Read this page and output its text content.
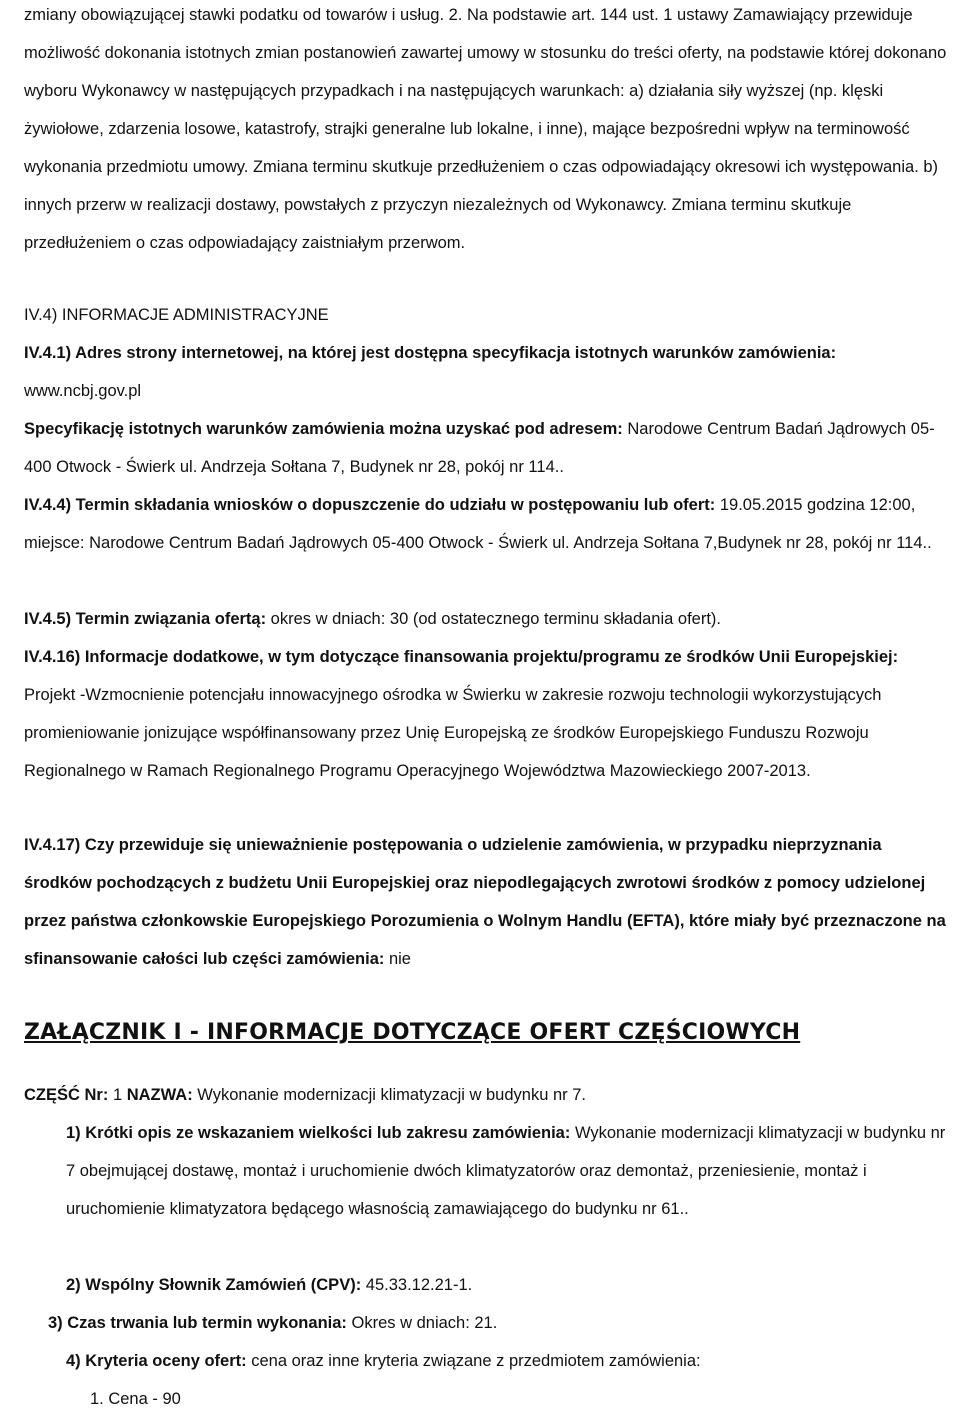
zmiany obowiązującej stawki podatku od towarów i usług. 2. Na podstawie art. 144 ust. 1 ustawy Zamawiający przewiduje możliwość dokonania istotnych zmian postanowień zawartej umowy w stosunku do treści oferty, na podstawie której dokonano wyboru Wykonawcy w następujących przypadkach i na następujących warunkach: a) działania siły wyższej (np. klęski żywiołowe, zdarzenia losowe, katastrofy, strajki generalne lub lokalne, i inne), mające bezpośredni wpływ na terminowość wykonania przedmiotu umowy. Zmiana terminu skutkuje przedłużeniem o czas odpowiadający okresowi ich występowania. b) innych przerw w realizacji dostawy, powstałych z przyczyn niezależnych od Wykonawcy. Zmiana terminu skutkuje przedłużeniem o czas odpowiadający zaistniałym przerwom.

IV.4) INFORMACJE ADMINISTRACYJNE

IV.4.1) Adres strony internetowej, na której jest dostępna specyfikacja istotnych warunków zamówienia: www.ncbj.gov.pl

Specyfikację istotnych warunków zamówienia można uzyskać pod adresem: Narodowe Centrum Badań Jądrowych 05-400 Otwock - Świerk ul. Andrzeja Sołtana 7, Budynek nr 28, pokój nr 114..

IV.4.4) Termin składania wniosków o dopuszczenie do udziału w postępowaniu lub ofert: 19.05.2015 godzina 12:00, miejsce: Narodowe Centrum Badań Jądrowych 05-400 Otwock - Świerk ul. Andrzeja Sołtana 7,Budynek nr 28, pokój nr 114..

IV.4.5) Termin związania ofertą: okres w dniach: 30 (od ostatecznego terminu składania ofert).

IV.4.16) Informacje dodatkowe, w tym dotyczące finansowania projektu/programu ze środków Unii Europejskiej: Projekt -Wzmocnienie potencjału innowacyjnego ośrodka w Świerku w zakresie rozwoju technologii wykorzystujących promieniowanie jonizujące współfinansowany przez Unię Europejską ze środków Europejskiego Funduszu Rozwoju Regionalnego w Ramach Regionalnego Programu Operacyjnego Województwa Mazowieckiego 2007-2013.

IV.4.17) Czy przewiduje się unieważnienie postępowania o udzielenie zamówienia, w przypadku nieprzyznania środków pochodzących z budżetu Unii Europejskiej oraz niepodlegających zwrotowi środków z pomocy udzielonej przez państwa członkowskie Europejskiego Porozumienia o Wolnym Handlu (EFTA), które miały być przeznaczone na sfinansowanie całości lub części zamówienia: nie

ZAŁĄCZNIK I - INFORMACJE DOTYCZĄCE OFERT CZĘŚCIOWYCH

CZĘŚĆ Nr: 1 NAZWA: Wykonanie modernizacji klimatyzacji w budynku nr 7.

1) Krótki opis ze wskazaniem wielkości lub zakresu zamówienia: Wykonanie modernizacji klimatyzacji w budynku nr 7 obejmującej dostawę, montaż i uruchomienie dwóch klimatyzatorów oraz demontaż, przeniesienie, montaż i uruchomienie klimatyzatora będącego własnością zamawiającego do budynku nr 61..

2) Wspólny Słownik Zamówień (CPV): 45.33.12.21-1.

3) Czas trwania lub termin wykonania: Okres w dniach: 21.

4) Kryteria oceny ofert: cena oraz inne kryteria związane z przedmiotem zamówienia:

1. Cena - 90
